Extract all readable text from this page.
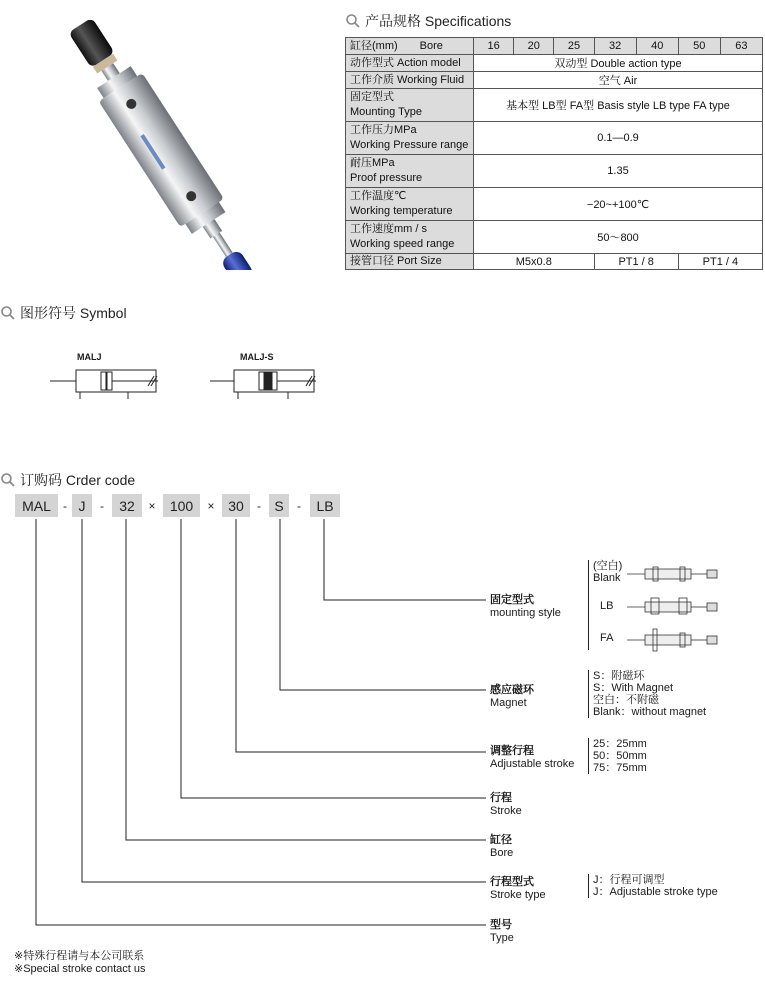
产品规格 Specifications
缸径(mm)　　Bore	16	20	25	32	40	50	63
动作型式 Action model	双动型 Double action type						
工作介质 Working Fluid	空气 Air						

固定型式
Mounting Type	基本型 LB型 FA型 Basis style LB type FA type						

工作压力MPa
Working Pressure range	0.1—0.9						

耐压MPa
Proof pressure	1.35						

工作温度℃
Working temperature	−20~+100℃						

工作速度mm / s
Working speed range	50～800						
接管口径 Port Size	M5x0.8			PT1 / 8		PT1 / 4	
图形符号 Symbol
MALJ	MALJ-S
订购码 Crder code
MAL	- J	-	32	×	100	× 30	- S	-	LB
固定型式
mounting style
感应磁环
Magnet
调整行程
Adjustable stroke
行程
Stroke
缸径
Bore
行程型式
Stroke type
型号
Type
(空白)
Blank
LB
FA
S：附磁环
S：With Magnet
空白：不附磁
Blank：without magnet
25：25mm
50：50mm
75：75mm
J：行程可调型
J：Adjustable stroke type
※特殊行程请与本公司联系
※Special stroke contact us
